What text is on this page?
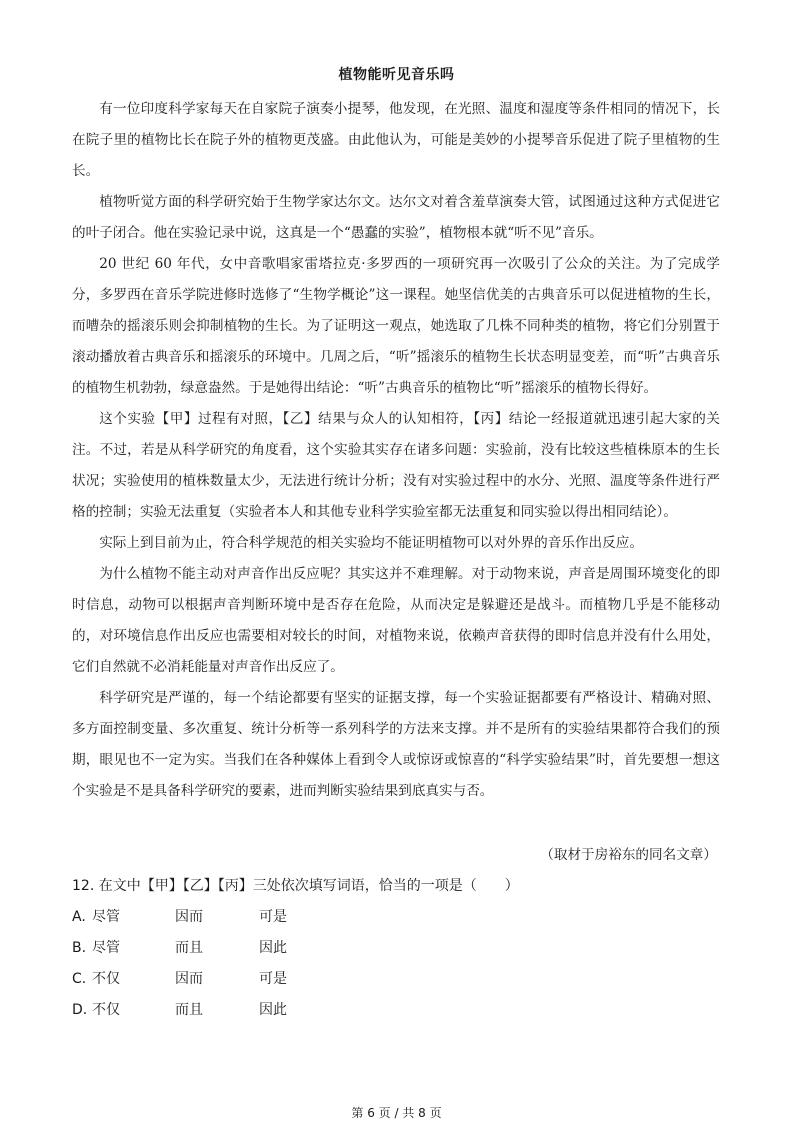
植物能听见音乐吗

有一位印度科学家每天在自家院子演奏小提琴，他发现，在光照、温度和湿度等条件相同的情况下，长在院子里的植物比长在院子外的植物更茂盛。由此他认为，可能是美妙的小提琴音乐促进了院子里植物的生长。

植物听觉方面的科学研究始于生物学家达尔文。达尔文对着含羞草演奏大管，试图通过这种方式促进它的叶子闭合。他在实验记录中说，这真是一个“愚蠢的实验”，植物根本就“听不见”音乐。

20 世纪 60 年代，女中音歌唱家雷塔拉克·多罗西的一项研究再一次吸引了公众的关注。为了完成学分，多罗西在音乐学院进修时选修了“生物学概论”这一课程。她坚信优美的古典音乐可以促进植物的生长，而嘈杂的摇滚乐则会抑制植物的生长。为了证明这一观点，她选取了几株不同种类的植物，将它们分别置于滚动播放着古典音乐和摇滚乐的环境中。几周之后，“听”摇滚乐的植物生长状态明显变差，而“听”古典音乐的植物生机勃勃，绿意盎然。于是她得出结论：“听”古典音乐的植物比“听”摇滚乐的植物长得好。

这个实验【甲】过程有对照，【乙】结果与众人的认知相符，【丙】结论一经报道就迅速引起大家的关注。不过，若是从科学研究的角度看，这个实验其实存在诸多问题：实验前，没有比较这些植株原本的生长状况；实验使用的植株数量太少，无法进行统计分析；没有对实验过程中的水分、光照、温度等条件进行严格的控制；实验无法重复（实验者本人和其他专业科学实验室都无法重复和同实验以得出相同结论）。

实际上到目前为止，符合科学规范的相关实验均不能证明植物可以对外界的音乐作出反应。

为什么植物不能主动对声音作出反应呢？其实这并不难理解。对于动物来说，声音是周围环境变化的即时信息，动物可以根据声音判断环境中是否存在危险，从而决定是躲避还是战斗。而植物几乎是不能移动的，对环境信息作出反应也需要相对较长的时间，对植物来说，依赖声音获得的即时信息并没有什么用处，它们自然就不必消耗能量对声音作出反应了。

科学研究是严谨的，每一个结论都要有坚实的证据支撑，每一个实验证据都要有严格设计、精确对照、多方面控制变量、多次重复、统计分析等一系列科学的方法来支撑。并不是所有的实验结果都符合我们的预期，眼见也不一定为实。当我们在各种媒体上看到令人或惊讶或惊喜的“科学实验结果”时，首先要想一想这个实验是不是具备科学研究的要素，进而判断实验结果到底真实与否。

（取材于房裕东的同名文章）
12. 在文中【甲】【乙】【丙】三处依次填写词语，恰当的一项是（　　）
A. 尽管	因而	可是
B. 尽管	而且	因此
C. 不仅	因而	可是
D. 不仅	而且	因此
第 6 页 / 共 8 页
